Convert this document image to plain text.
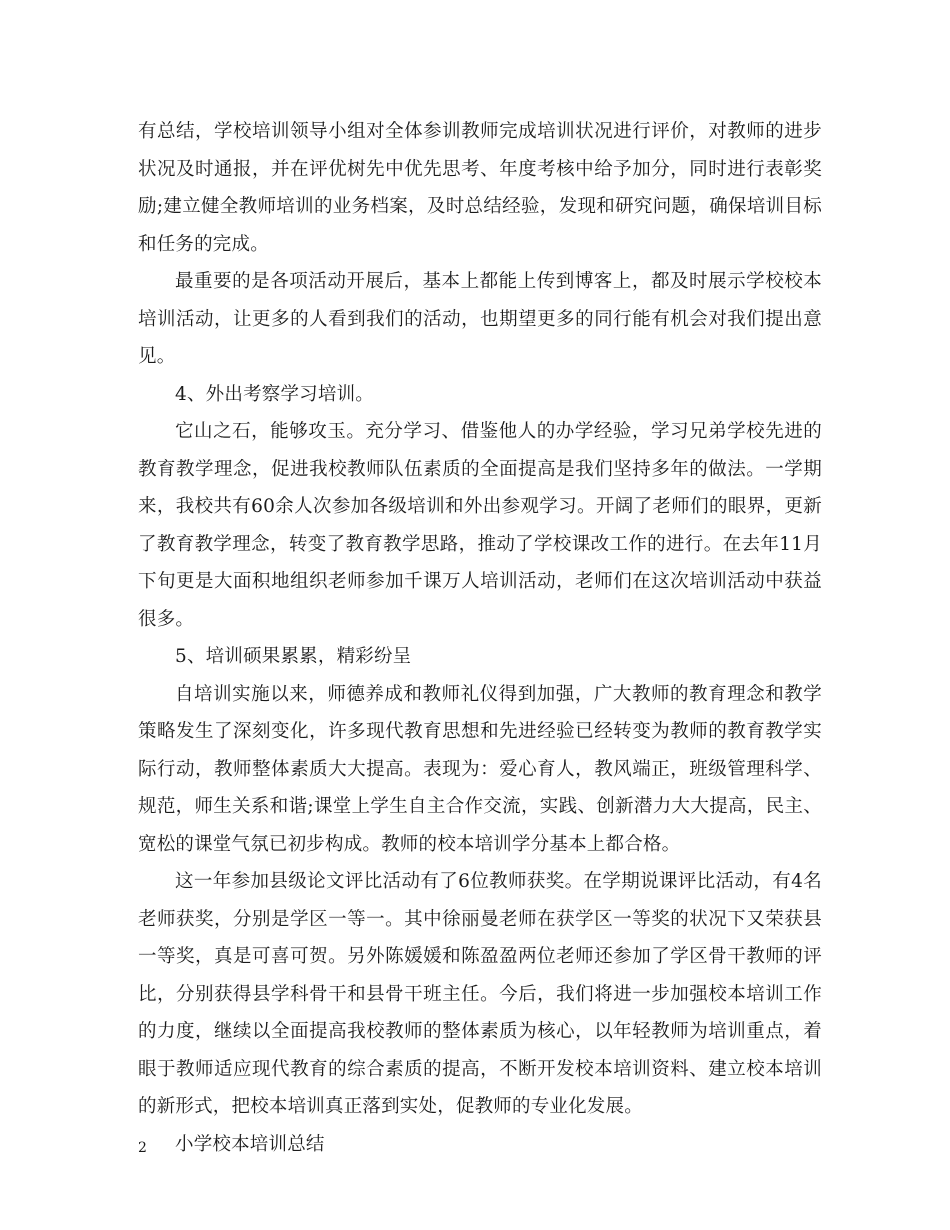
有总结，学校培训领导小组对全体参训教师完成培训状况进行评价，对教师的进步状况及时通报，并在评优树先中优先思考、年度考核中给予加分，同时进行表彰奖励;建立健全教师培训的业务档案，及时总结经验，发现和研究问题，确保培训目标和任务的完成。

最重要的是各项活动开展后，基本上都能上传到博客上，都及时展示学校校本培训活动，让更多的人看到我们的活动，也期望更多的同行能有机会对我们提出意见。

4、外出考察学习培训。

它山之石，能够攻玉。充分学习、借鉴他人的办学经验，学习兄弟学校先进的教育教学理念，促进我校教师队伍素质的全面提高是我们坚持多年的做法。一学期来，我校共有60余人次参加各级培训和外出参观学习。开阔了老师们的眼界，更新了教育教学理念，转变了教育教学思路，推动了学校课改工作的进行。在去年11月下旬更是大面积地组织老师参加千课万人培训活动，老师们在这次培训活动中获益很多。

5、培训硕果累累，精彩纷呈

自培训实施以来，师德养成和教师礼仪得到加强，广大教师的教育理念和教学策略发生了深刻变化，许多现代教育思想和先进经验已经转变为教师的教育教学实际行动，教师整体素质大大提高。表现为：爱心育人，教风端正，班级管理科学、规范，师生关系和谐;课堂上学生自主合作交流，实践、创新潜力大大提高，民主、宽松的课堂气氛已初步构成。教师的校本培训学分基本上都合格。

这一年参加县级论文评比活动有了6位教师获奖。在学期说课评比活动，有4名老师获奖，分别是学区一等一。其中徐丽曼老师在获学区一等奖的状况下又荣获县一等奖，真是可喜可贺。另外陈媛媛和陈盈盈两位老师还参加了学区骨干教师的评比，分别获得县学科骨干和县骨干班主任。今后，我们将进一步加强校本培训工作的力度，继续以全面提高我校教师的整体素质为核心，以年轻教师为培训重点，着眼于教师适应现代教育的综合素质的提高，不断开发校本培训资料、建立校本培训的新形式，把校本培训真正落到实处，促教师的专业化发展。

小学校本培训总结

2
